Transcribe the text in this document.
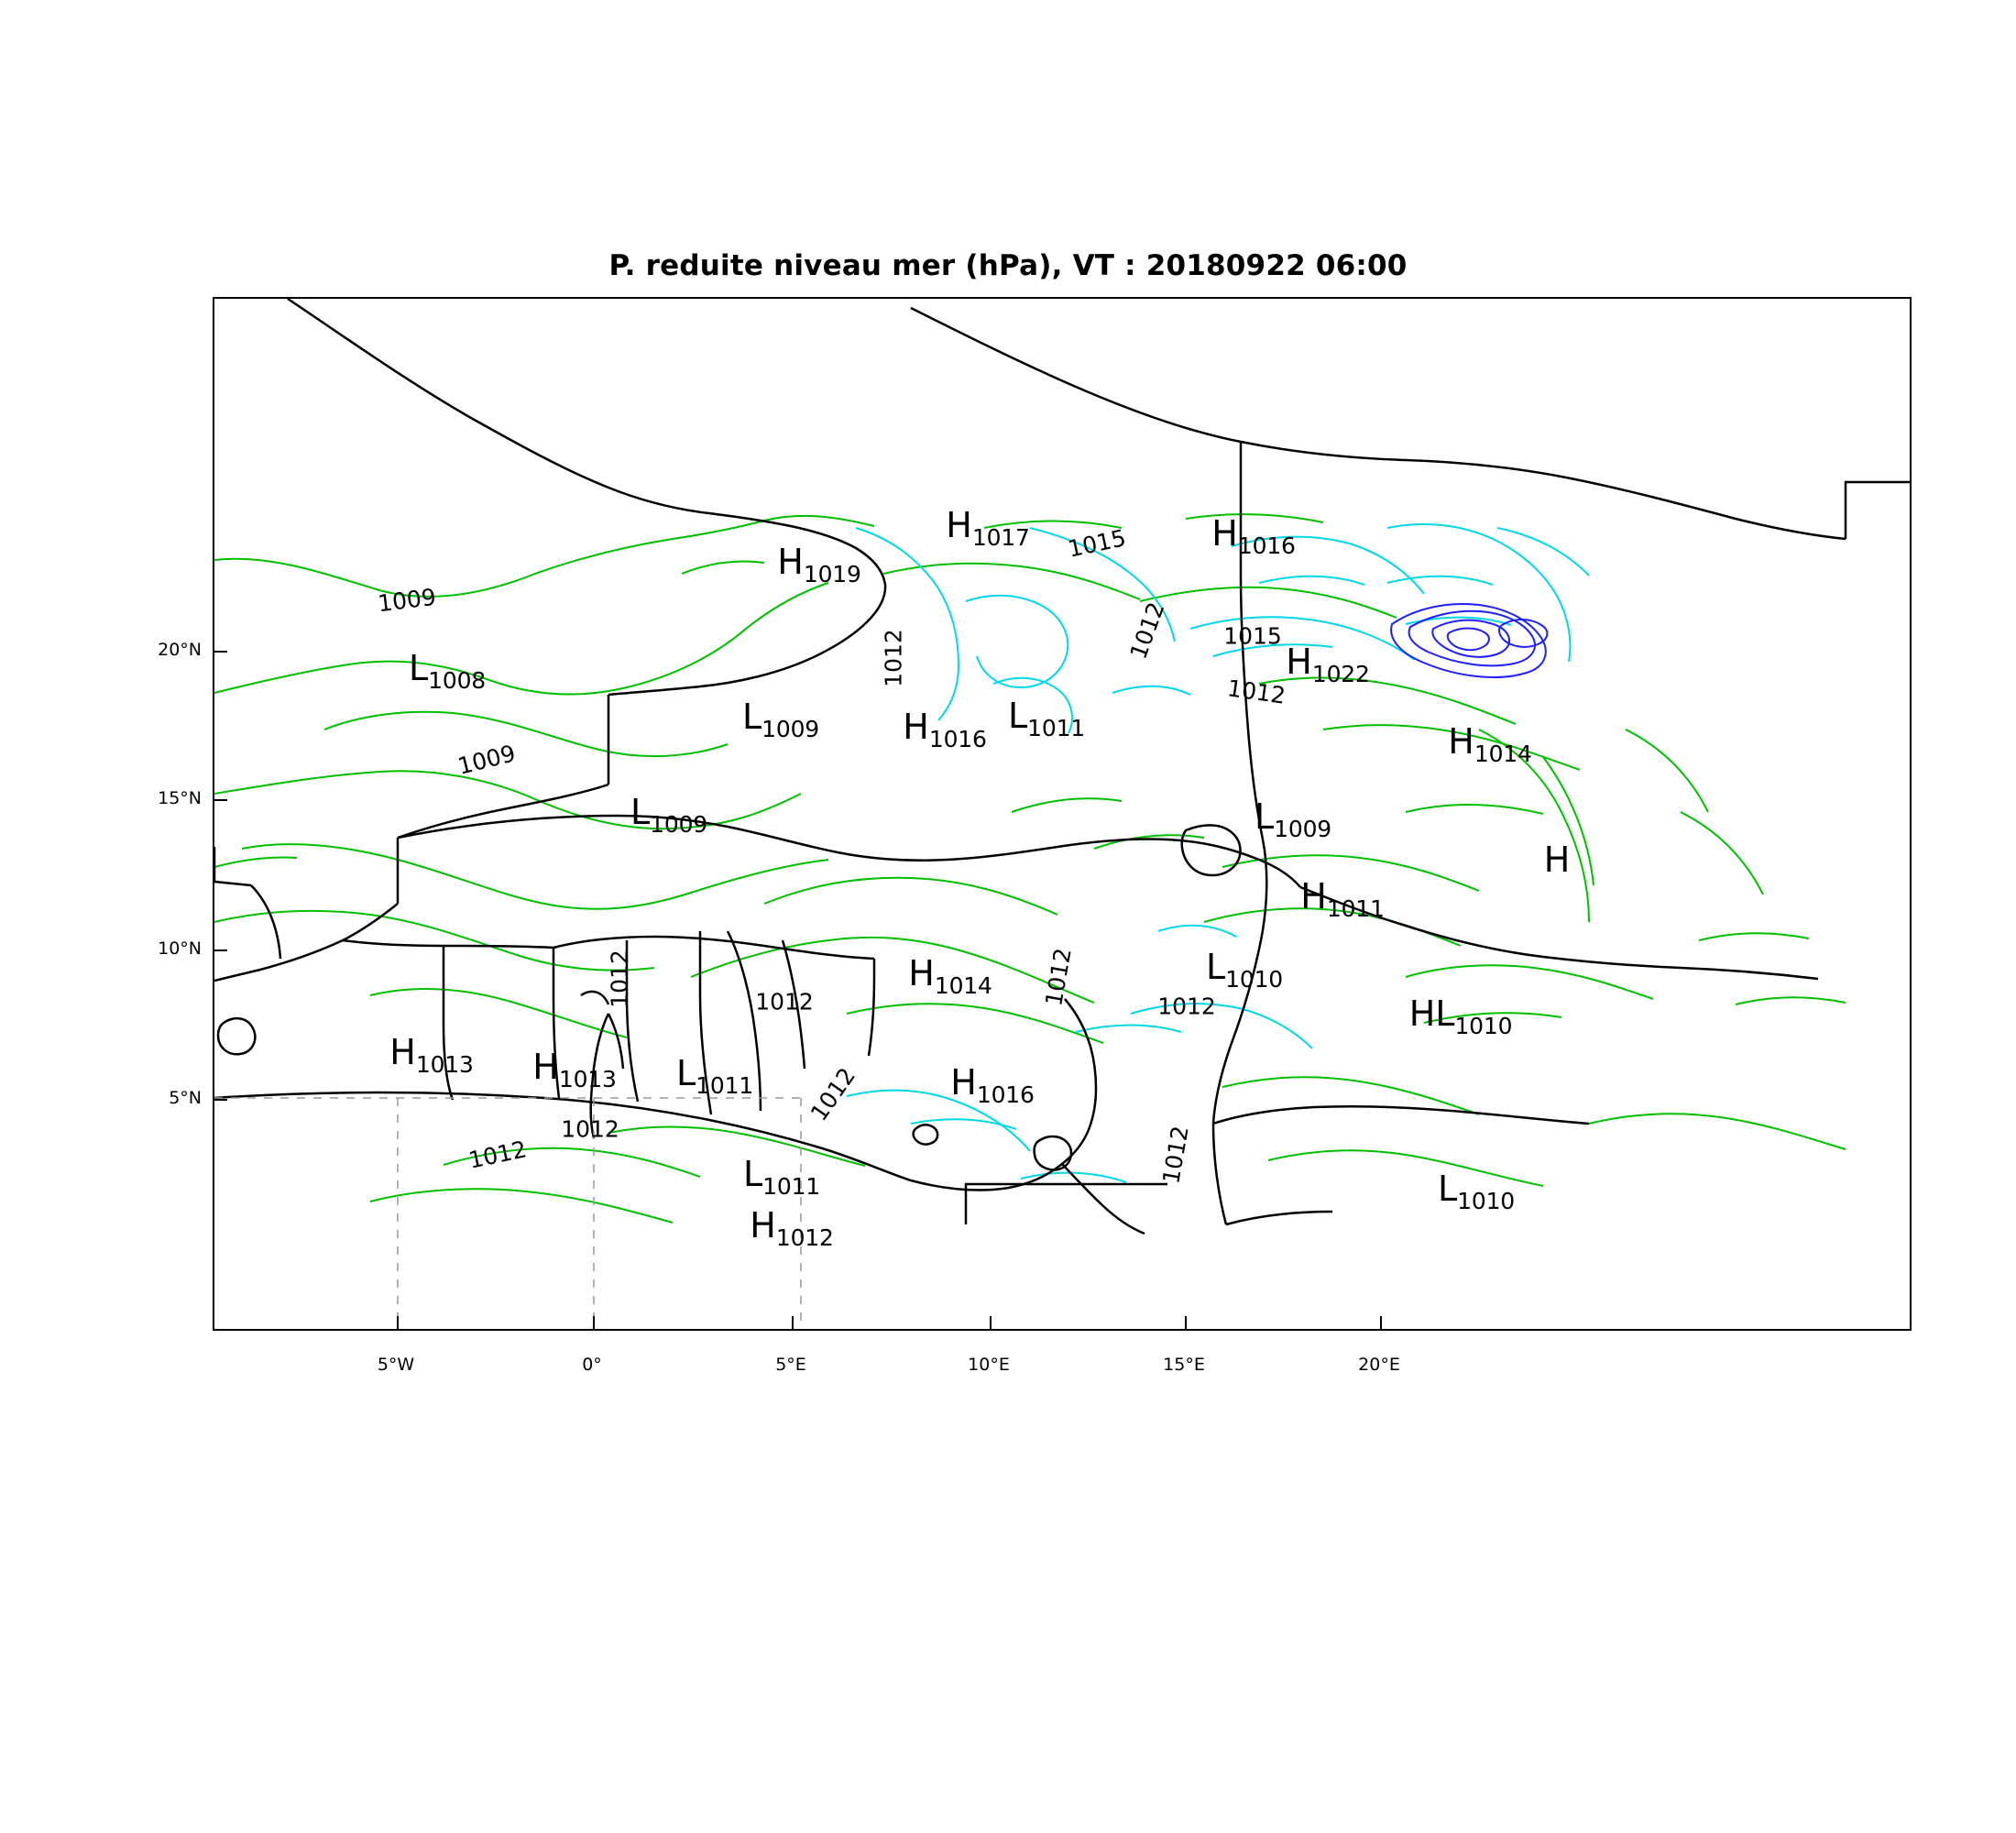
P. reduite niveau mer (hPa), VT : 20180922 06:00
1009
1009
1012
1015
1012 1015
1012
1012	1012	1012	1012
1012
1012
1012	1012
L1008
H1019
H1017	H1016
H1022
L1009 H1016
L1011	H1014
L1009	L1009
H
H1011
H1014	L1010
HL1010
H1013 H1013 L1011	H1016
L1011	L1010
H1012
20°N
15°N
10°N
5°N
5°W	0°	5°E	10°E	15°E	20°E
